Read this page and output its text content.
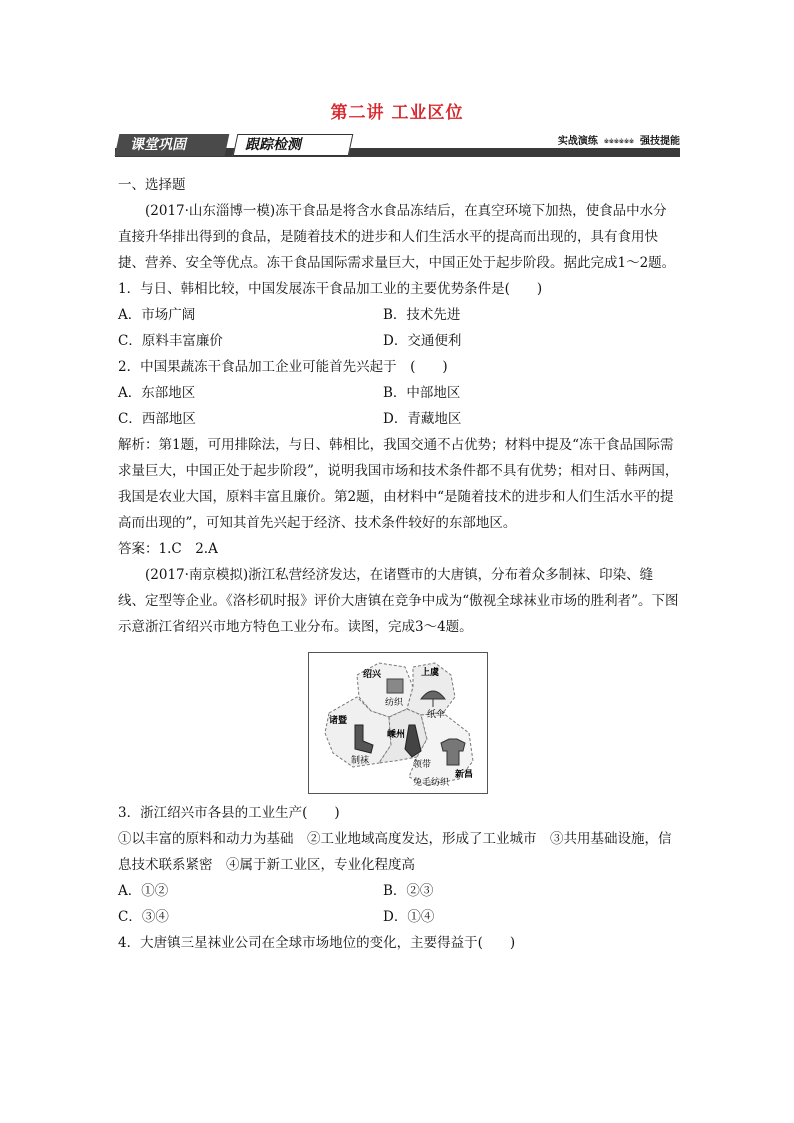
第二讲 工业区位
课堂巩固	跟踪检测	实战演练 ※※※※※※ 强技提能

一、选择题

(2017·山东淄博一模)冻干食品是将含水食品冻结后，在真空环境下加热，使食品中水分直接升华排出得到的食品，是随着技术的进步和人们生活水平的提高而出现的，具有食用快捷、营养、安全等优点。冻干食品国际需求量巨大，中国正处于起步阶段。据此完成1～2题。

1．与日、韩相比较，中国发展冻干食品加工业的主要优势条件是(　　)

A．市场广阔	B．技术先进
C．原料丰富廉价	D．交通便利

2．中国果蔬冻干食品加工企业可能首先兴起于　(　　)

A．东部地区	B．中部地区
C．西部地区	D．青藏地区

解析：第1题，可用排除法，与日、韩相比，我国交通不占优势；材料中提及“冻干食品国际需求量巨大，中国正处于起步阶段”，说明我国市场和技术条件都不具有优势；相对日、韩两国，我国是农业大国，原料丰富且廉价。第2题，由材料中“是随着技术的进步和人们生活水平的提高而出现的”，可知其首先兴起于经济、技术条件较好的东部地区。

答案：1.C　2.A

(2017·南京模拟)浙江私营经济发达，在诸暨市的大唐镇，分布着众多制袜、印染、缝线、定型等企业。《洛杉矶时报》评价大唐镇在竞争中成为“傲视全球袜业市场的胜利者”。下图示意浙江省绍兴市地方特色工业分布。读图，完成3～4题。

绍兴	上虞
诸暨
嵊州
新昌
纺织
纸伞
制袜	领带
兔毛纺织

3．浙江绍兴市各县的工业生产(　　)

①以丰富的原料和动力为基础　②工业地域高度发达，形成了工业城市　③共用基础设施，信息技术联系紧密　④属于新工业区，专业化程度高

A．①②	B．②③
C．③④	D．①④

4．大唐镇三星袜业公司在全球市场地位的变化，主要得益于(　　)
